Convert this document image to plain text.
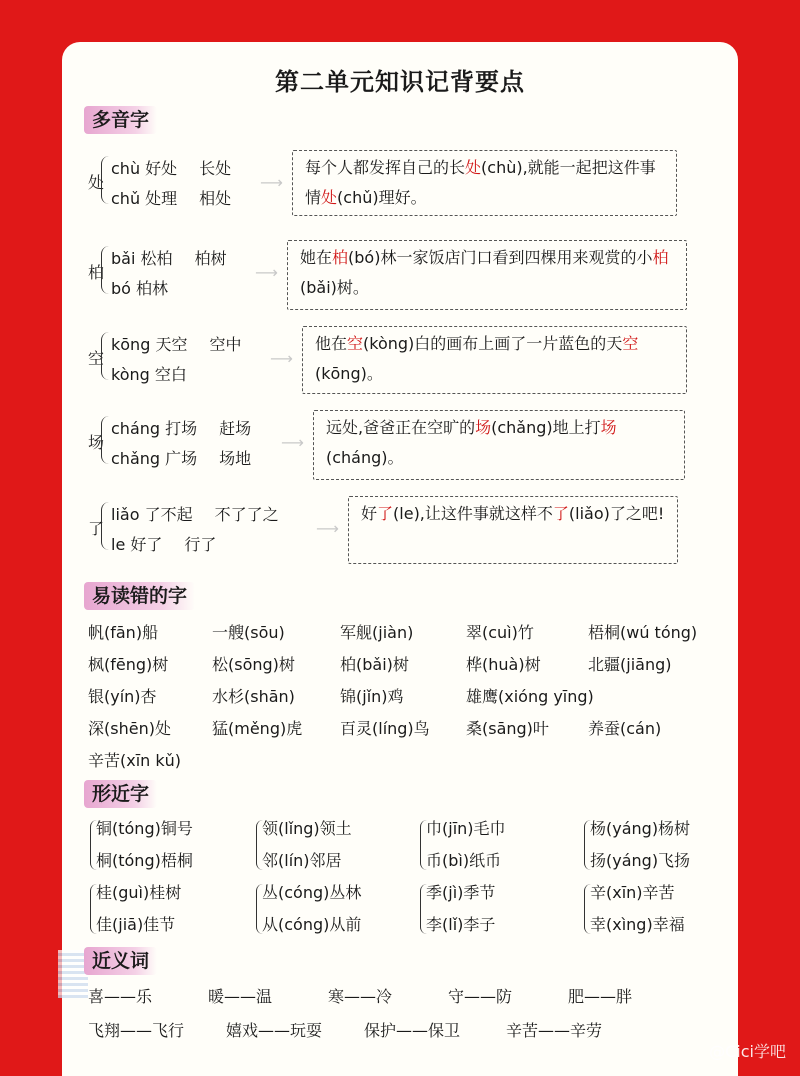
第二单元知识记背要点
多音字
易读错的字
形近字
近义词
处
chù 好处 长处
chǔ 处理 相处
⟶
每个人都发挥自己的长处(chù),就能一起把这件事情处(chǔ)理好。
柏
bǎi 松柏 柏树
bó 柏林
⟶
她在柏(bó)林一家饭店门口看到四棵用来观赏的小柏(bǎi)树。
空
kōng 天空 空中
kòng 空白
⟶
他在空(kòng)白的画布上画了一片蓝色的天空(kōng)。
场
cháng 打场 赶场
chǎng 广场 场地
⟶
远处,爸爸正在空旷的场(chǎng)地上打场(cháng)。
了
liǎo 了不起 不了了之
le 好了 行了
⟶
好了(le),让这件事就这样不了(liǎo)了之吧!
帆(fān)船	一艘(sōu)	军舰(jiàn)	翠(cuì)竹	梧桐(wú tóng)
枫(fēng)树	松(sōng)树	柏(bǎi)树	桦(huà)树	北疆(jiāng)
银(yín)杏	水杉(shān)	锦(jǐn)鸡	雄鹰(xióng yīng)
深(shēn)处	猛(měng)虎 百灵(líng)鸟 桑(sāng)叶 养蚕(cán)
辛苦(xīn kǔ)
铜(tóng)铜号
桐(tóng)梧桐
领(lǐng)领土
邻(lín)邻居
巾(jīn)毛巾
币(bì)纸币
杨(yáng)杨树
扬(yáng)飞扬
桂(guì)桂树
佳(jiā)佳节
丛(cóng)丛林
从(cóng)从前
季(jì)季节
李(lǐ)李子
辛(xīn)辛苦
幸(xìng)幸福
喜——乐	暖——温	寒——冷	守——防	肥——胖
飞翔——飞行	嬉戏——玩耍	保护——保卫	辛苦——辛劳
@Cici学吧
